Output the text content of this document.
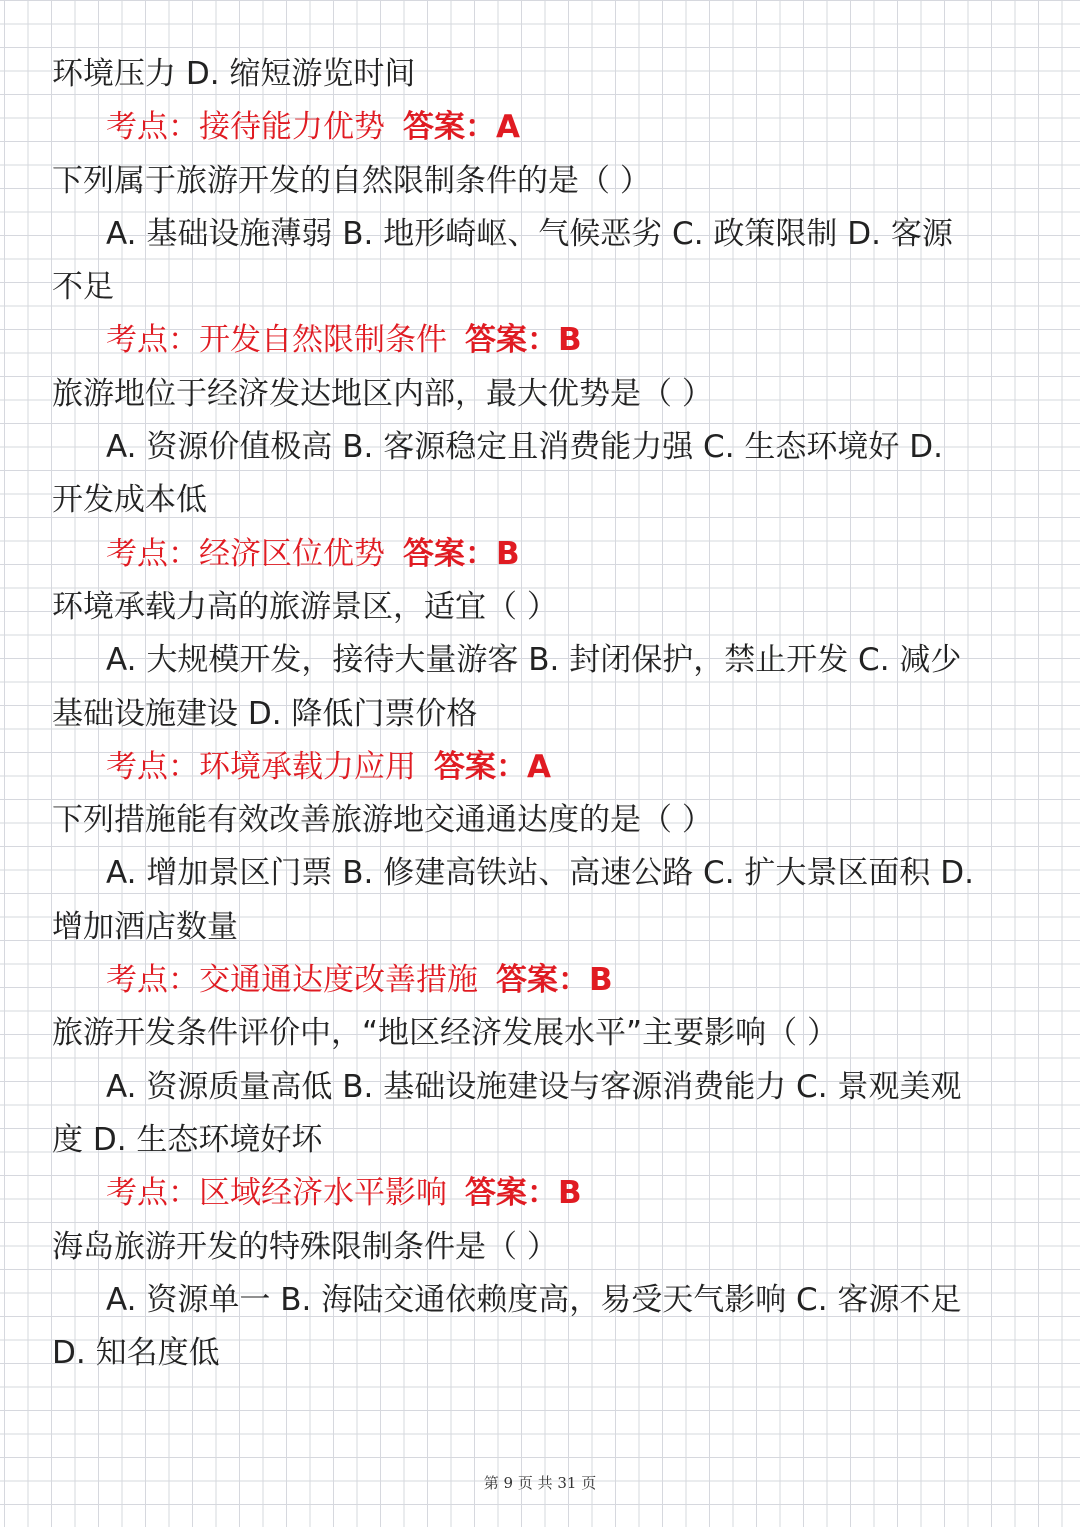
环境压力 D. 缩短游览时间
考点：接待能力优势 答案：A
下列属于旅游开发的自然限制条件的是（ ）
A. 基础设施薄弱 B. 地形崎岖、气候恶劣 C. 政策限制 D. 客源
不足
考点：开发自然限制条件 答案：B
旅游地位于经济发达地区内部，最大优势是（ ）
A. 资源价值极高 B. 客源稳定且消费能力强 C. 生态环境好 D.
开发成本低
考点：经济区位优势 答案：B
环境承载力高的旅游景区，适宜（ ）
A. 大规模开发，接待大量游客 B. 封闭保护，禁止开发 C. 减少
基础设施建设 D. 降低门票价格
考点：环境承载力应用 答案：A
下列措施能有效改善旅游地交通通达度的是（ ）
A. 增加景区门票 B. 修建高铁站、高速公路 C. 扩大景区面积 D.
增加酒店数量
考点：交通通达度改善措施 答案：B
旅游开发条件评价中，“地区经济发展水平”主要影响（ ）
A. 资源质量高低 B. 基础设施建设与客源消费能力 C. 景观美观
度 D. 生态环境好坏
考点：区域经济水平影响 答案：B
海岛旅游开发的特殊限制条件是（ ）
A. 资源单一 B. 海陆交通依赖度高，易受天气影响 C. 客源不足
D. 知名度低
第 9 页 共 31 页
